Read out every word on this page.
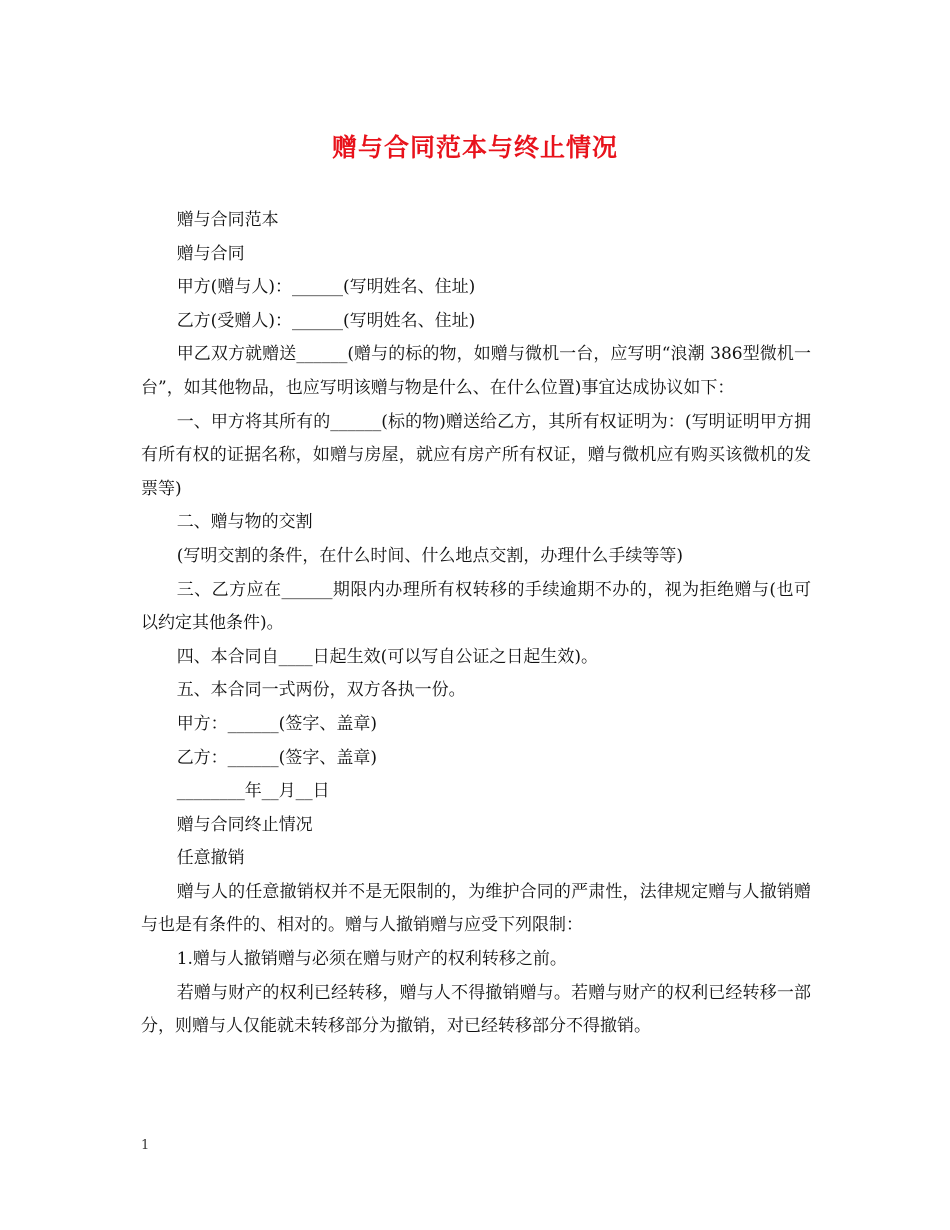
赠与合同范本与终止情况

赠与合同范本

赠与合同

甲方(赠与人)：______(写明姓名、住址)

乙方(受赠人)：______(写明姓名、住址)

甲乙双方就赠送______(赠与的标的物，如赠与微机一台，应写明“浪潮 386型微机一台”，如其他物品，也应写明该赠与物是什么、在什么位置)事宜达成协议如下：

一、甲方将其所有的______(标的物)赠送给乙方，其所有权证明为：(写明证明甲方拥有所有权的证据名称，如赠与房屋，就应有房产所有权证，赠与微机应有购买该微机的发票等)

二、赠与物的交割

(写明交割的条件，在什么时间、什么地点交割，办理什么手续等等)

三、乙方应在______期限内办理所有权转移的手续逾期不办的，视为拒绝赠与(也可以约定其他条件)。

四、本合同自____日起生效(可以写自公证之日起生效)。

五、本合同一式两份，双方各执一份。

甲方：______(签字、盖章)

乙方：______(签字、盖章)

________年__月__日

赠与合同终止情况

任意撤销

赠与人的任意撤销权并不是无限制的，为维护合同的严肃性，法律规定赠与人撤销赠与也是有条件的、相对的。赠与人撤销赠与应受下列限制：

1.赠与人撤销赠与必须在赠与财产的权利转移之前。

若赠与财产的权利已经转移，赠与人不得撤销赠与。若赠与财产的权利已经转移一部分，则赠与人仅能就未转移部分为撤销，对已经转移部分不得撤销。

1
